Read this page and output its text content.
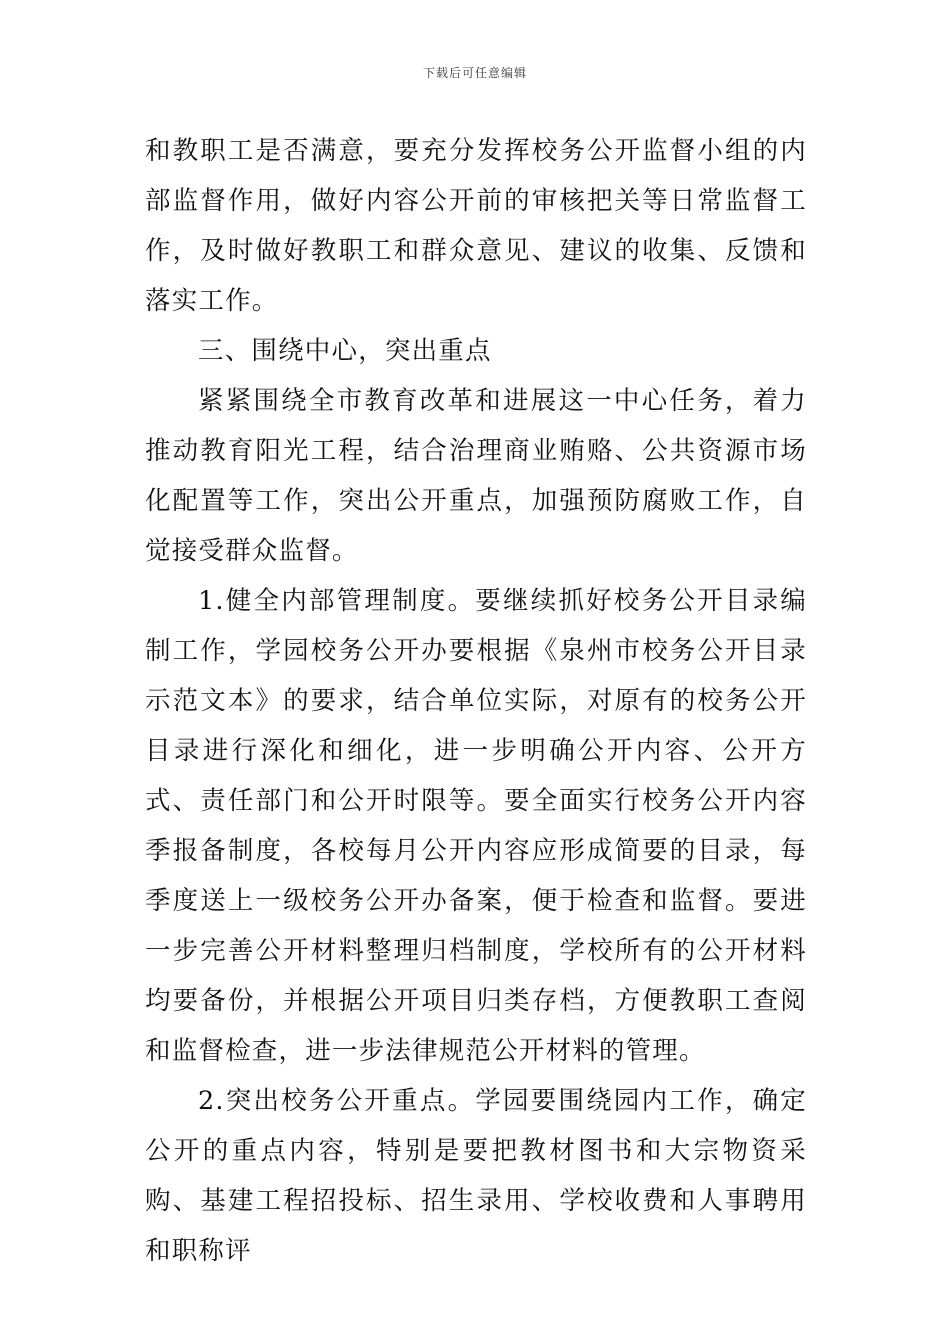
下载后可任意编辑

和教职工是否满意，要充分发挥校务公开监督小组的内部监督作用，做好内容公开前的审核把关等日常监督工作，及时做好教职工和群众意见、建议的收集、反馈和落实工作。

三、围绕中心，突出重点

紧紧围绕全市教育改革和进展这一中心任务，着力推动教育阳光工程，结合治理商业贿赂、公共资源市场化配置等工作，突出公开重点，加强预防腐败工作，自觉接受群众监督。

1.健全内部管理制度。要继续抓好校务公开目录编制工作，学园校务公开办要根据《泉州市校务公开目录示范文本》的要求，结合单位实际，对原有的校务公开目录进行深化和细化，进一步明确公开内容、公开方式、责任部门和公开时限等。要全面实行校务公开内容季报备制度，各校每月公开内容应形成简要的目录，每季度送上一级校务公开办备案，便于检查和监督。要进一步完善公开材料整理归档制度，学校所有的公开材料均要备份，并根据公开项目归类存档，方便教职工查阅和监督检查，进一步法律规范公开材料的管理。

2.突出校务公开重点。学园要围绕园内工作，确定公开的重点内容，特别是要把教材图书和大宗物资采购、基建工程招投标、招生录用、学校收费和人事聘用和职称评
